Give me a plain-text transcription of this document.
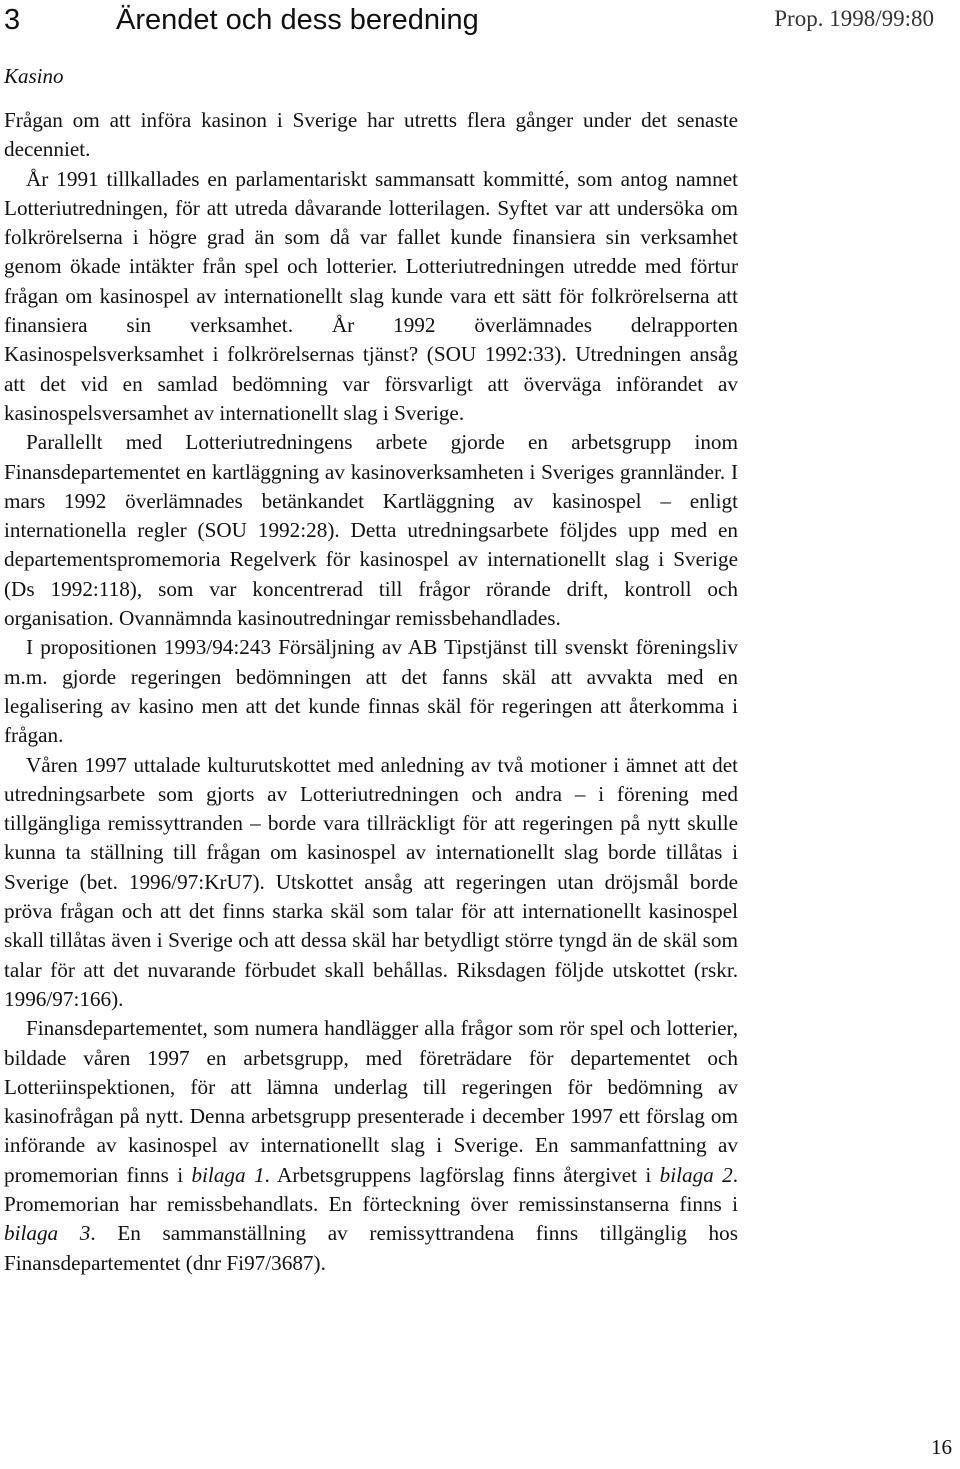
3	Ärendet och dess beredning	Prop. 1998/99:80
Kasino

Frågan om att införa kasinon i Sverige har utretts flera gånger under det senaste decenniet.

År 1991 tillkallades en parlamentariskt sammansatt kommitté, som antog namnet Lotteriutredningen, för att utreda dåvarande lotterilagen. Syftet var att undersöka om folkrörelserna i högre grad än som då var fallet kunde finansiera sin verksamhet genom ökade intäkter från spel och lotterier. Lotteriutredningen utredde med förtur frågan om kasinospel av internationellt slag kunde vara ett sätt för folkrörelserna att finansiera sin verksamhet. År 1992 överlämnades delrapporten Kasinospelsverksamhet i folkrörelsernas tjänst? (SOU 1992:33). Utredningen ansåg att det vid en samlad bedömning var försvarligt att överväga införandet av kasinospelsversamhet av internationellt slag i Sverige.

Parallellt med Lotteriutredningens arbete gjorde en arbetsgrupp inom Finansdepartementet en kartläggning av kasinoverksamheten i Sveriges grannländer. I mars 1992 överlämnades betänkandet Kartläggning av kasinospel – enligt internationella regler (SOU 1992:28). Detta utredningsarbete följdes upp med en departementspromemoria Regelverk för kasinospel av internationellt slag i Sverige (Ds 1992:118), som var koncentrerad till frågor rörande drift, kontroll och organisation. Ovannämnda kasinoutredningar remissbehandlades.

I propositionen 1993/94:243 Försäljning av AB Tipstjänst till svenskt föreningsliv m.m. gjorde regeringen bedömningen att det fanns skäl att avvakta med en legalisering av kasino men att det kunde finnas skäl för regeringen att återkomma i frågan.

Våren 1997 uttalade kulturutskottet med anledning av två motioner i ämnet att det utredningsarbete som gjorts av Lotteriutredningen och andra – i förening med tillgängliga remissyttranden – borde vara tillräckligt för att regeringen på nytt skulle kunna ta ställning till frågan om kasinospel av internationellt slag borde tillåtas i Sverige (bet. 1996/97:KrU7). Utskottet ansåg att regeringen utan dröjsmål borde pröva frågan och att det finns starka skäl som talar för att internationellt kasinospel skall tillåtas även i Sverige och att dessa skäl har betydligt större tyngd än de skäl som talar för att det nuvarande förbudet skall behållas. Riksdagen följde utskottet (rskr. 1996/97:166).

Finansdepartementet, som numera handlägger alla frågor som rör spel och lotterier, bildade våren 1997 en arbetsgrupp, med företrädare för departementet och Lotteriinspektionen, för att lämna underlag till regeringen för bedömning av kasinofrågan på nytt. Denna arbetsgrupp presenterade i december 1997 ett förslag om införande av kasinospel av internationellt slag i Sverige. En sammanfattning av promemorian finns i bilaga 1. Arbetsgruppens lagförslag finns återgivet i bilaga 2. Promemorian har remissbehandlats. En förteckning över remissinstanserna finns i bilaga 3. En sammanställning av remissyttrandena finns tillgänglig hos Finansdepartementet (dnr Fi97/3687).

16
